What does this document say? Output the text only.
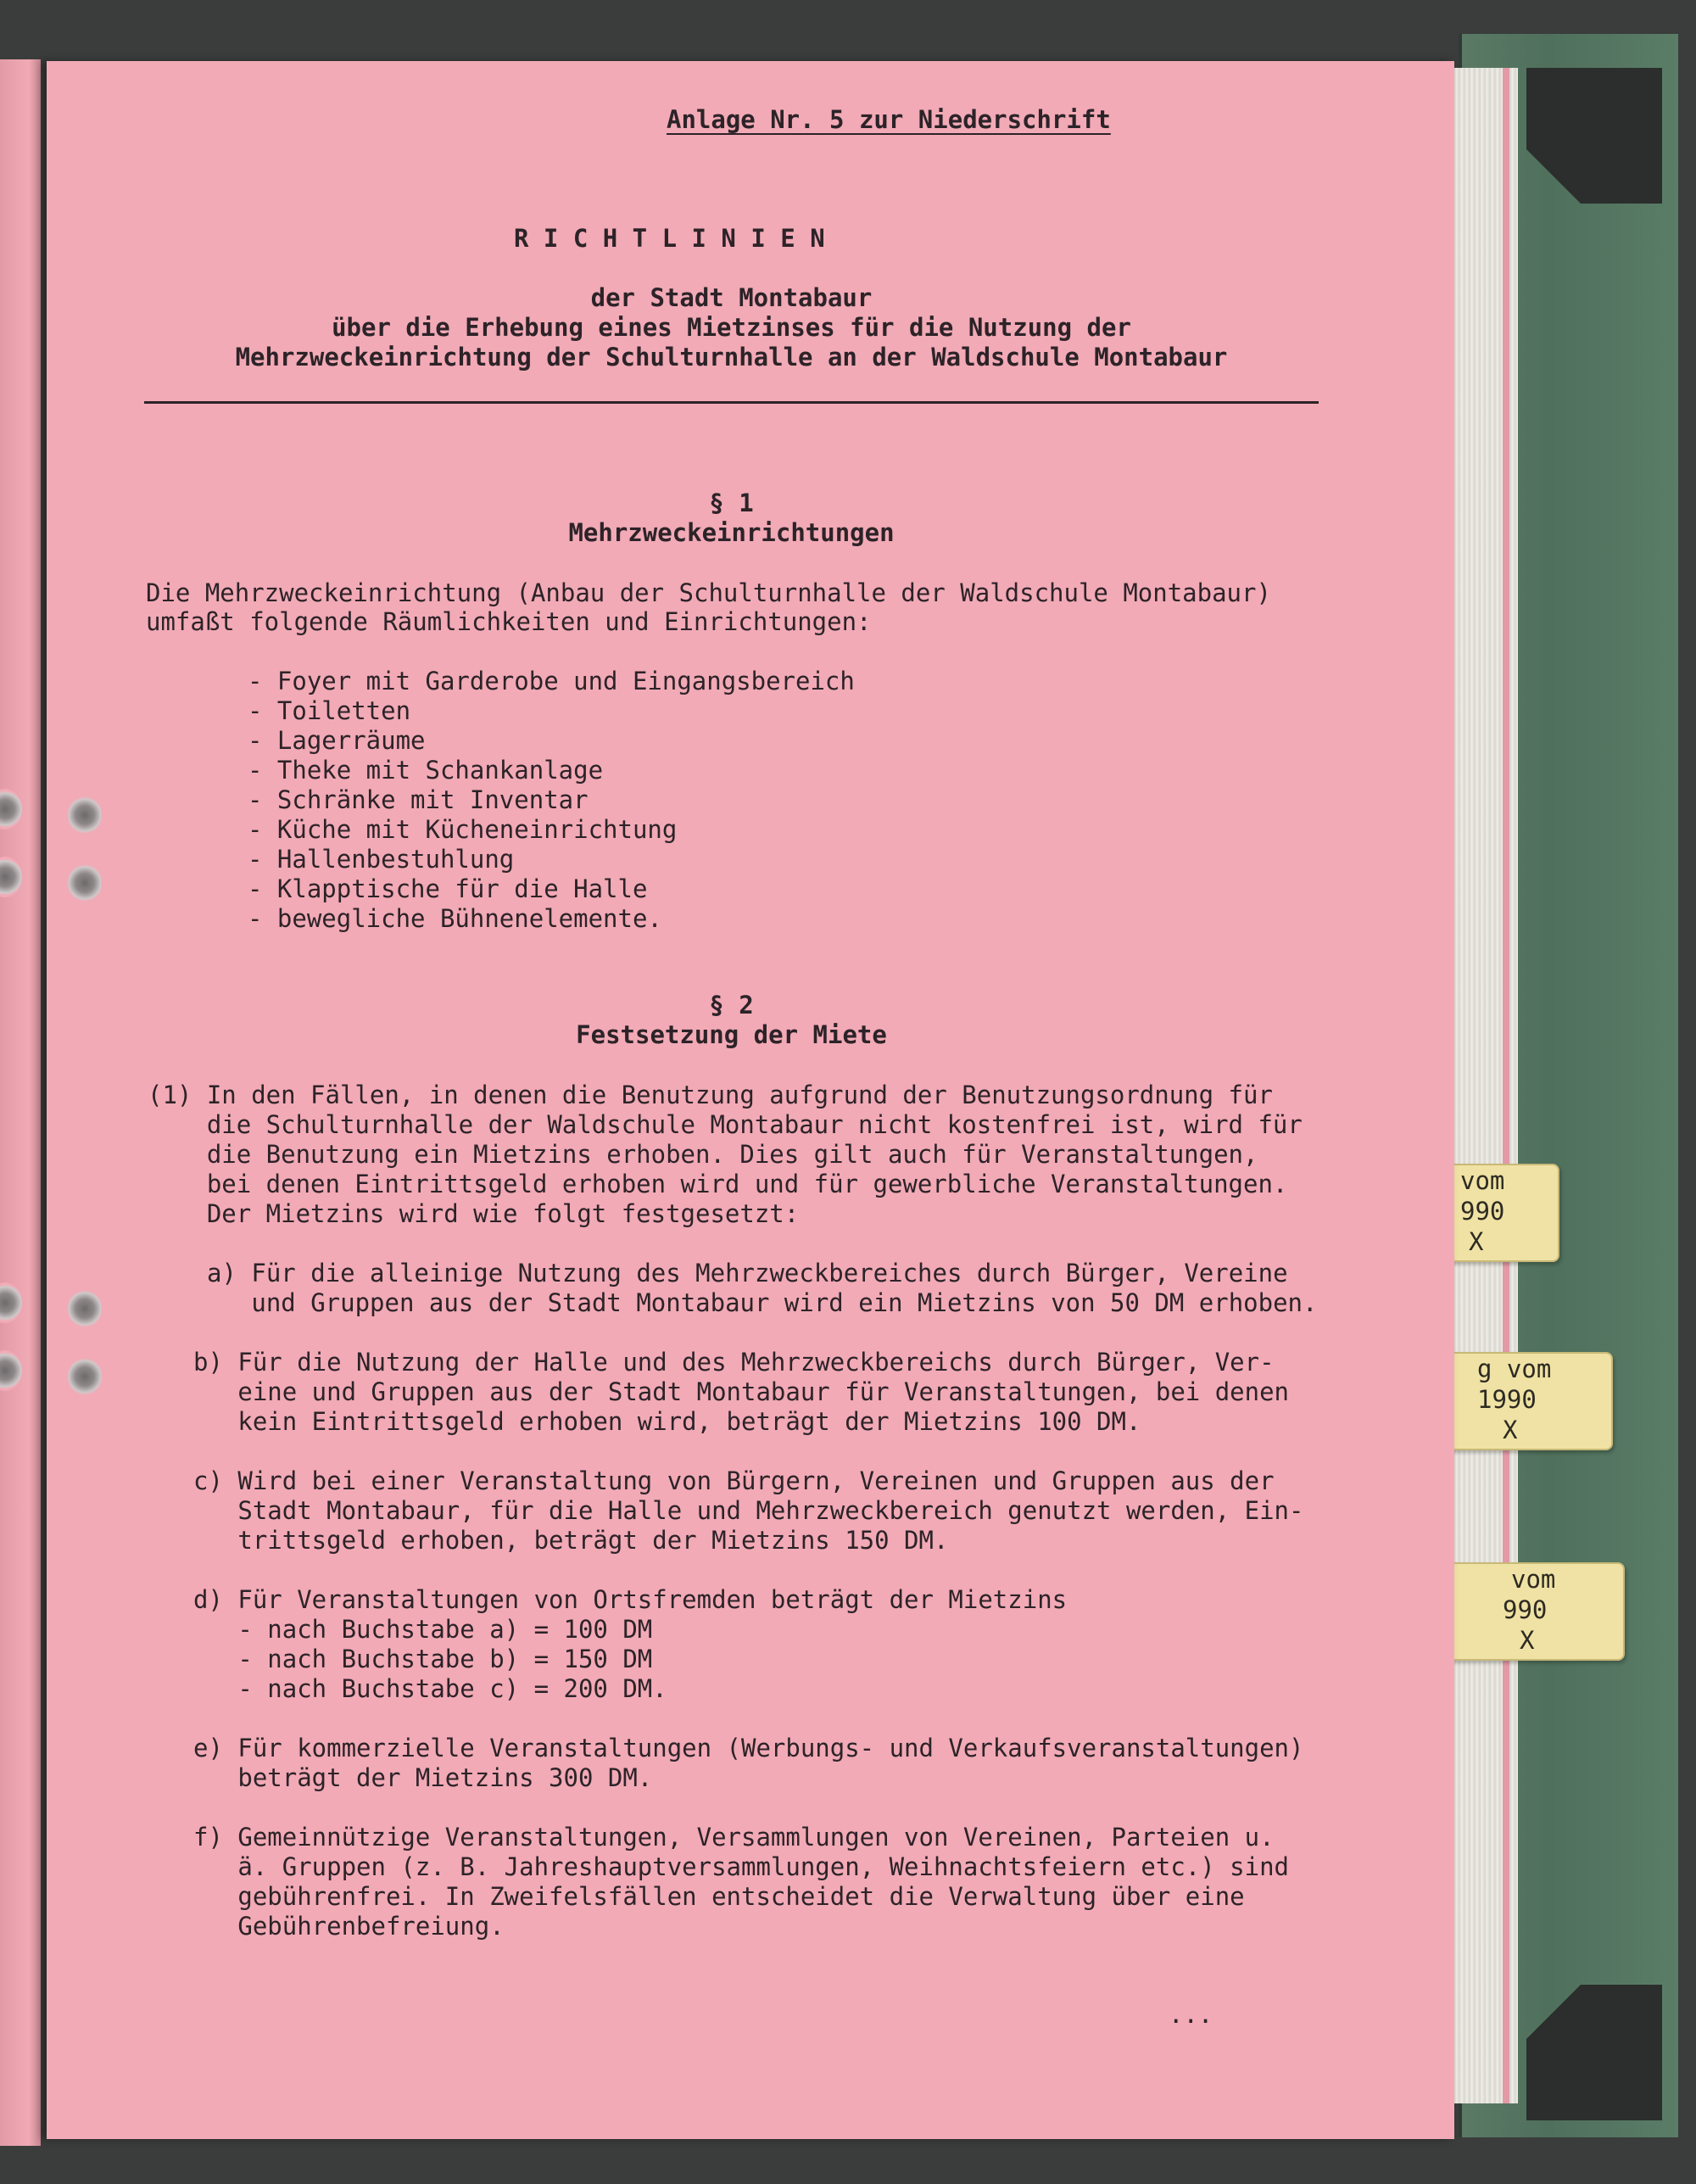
vom
990
X
g vom
1990
X
vom
990
X
Anlage Nr. 5 zur Niederschrift
R I C H T L I N I E N
der Stadt Montabaur
über die Erhebung eines Mietzinses für die Nutzung der
Mehrzweckeinrichtung der Schulturnhalle an der Waldschule Montabaur
§ 1
Mehrzweckeinrichtungen
Die Mehrzweckeinrichtung (Anbau der Schulturnhalle der Waldschule Montabaur)
umfaßt folgende Räumlichkeiten und Einrichtungen:
- Foyer mit Garderobe und Eingangsbereich
- Toiletten
- Lagerräume
- Theke mit Schankanlage
- Schränke mit Inventar
- Küche mit Kücheneinrichtung
- Hallenbestuhlung
- Klapptische für die Halle
- bewegliche Bühnenelemente.
§ 2
Festsetzung der Miete
(1) In den Fällen, in denen die Benutzung aufgrund der Benutzungsordnung für
die Schulturnhalle der Waldschule Montabaur nicht kostenfrei ist, wird für
die Benutzung ein Mietzins erhoben. Dies gilt auch für Veranstaltungen,
bei denen Eintrittsgeld erhoben wird und für gewerbliche Veranstaltungen.
Der Mietzins wird wie folgt festgesetzt:
a) Für die alleinige Nutzung des Mehrzweckbereiches durch Bürger, Vereine
und Gruppen aus der Stadt Montabaur wird ein Mietzins von 50 DM erhoben.
b) Für die Nutzung der Halle und des Mehrzweckbereichs durch Bürger, Ver-
eine und Gruppen aus der Stadt Montabaur für Veranstaltungen, bei denen
kein Eintrittsgeld erhoben wird, beträgt der Mietzins 100 DM.
c) Wird bei einer Veranstaltung von Bürgern, Vereinen und Gruppen aus der
Stadt Montabaur, für die Halle und Mehrzweckbereich genutzt werden, Ein-
trittsgeld erhoben, beträgt der Mietzins 150 DM.
d) Für Veranstaltungen von Ortsfremden beträgt der Mietzins
- nach Buchstabe a) = 100 DM
- nach Buchstabe b) = 150 DM
- nach Buchstabe c) = 200 DM.
e) Für kommerzielle Veranstaltungen (Werbungs- und Verkaufsveranstaltungen)
beträgt der Mietzins 300 DM.
f) Gemeinnützige Veranstaltungen, Versammlungen von Vereinen, Parteien u.
ä. Gruppen (z. B. Jahreshauptversammlungen, Weihnachtsfeiern etc.) sind
gebührenfrei. In Zweifelsfällen entscheidet die Verwaltung über eine
Gebührenbefreiung.
...
